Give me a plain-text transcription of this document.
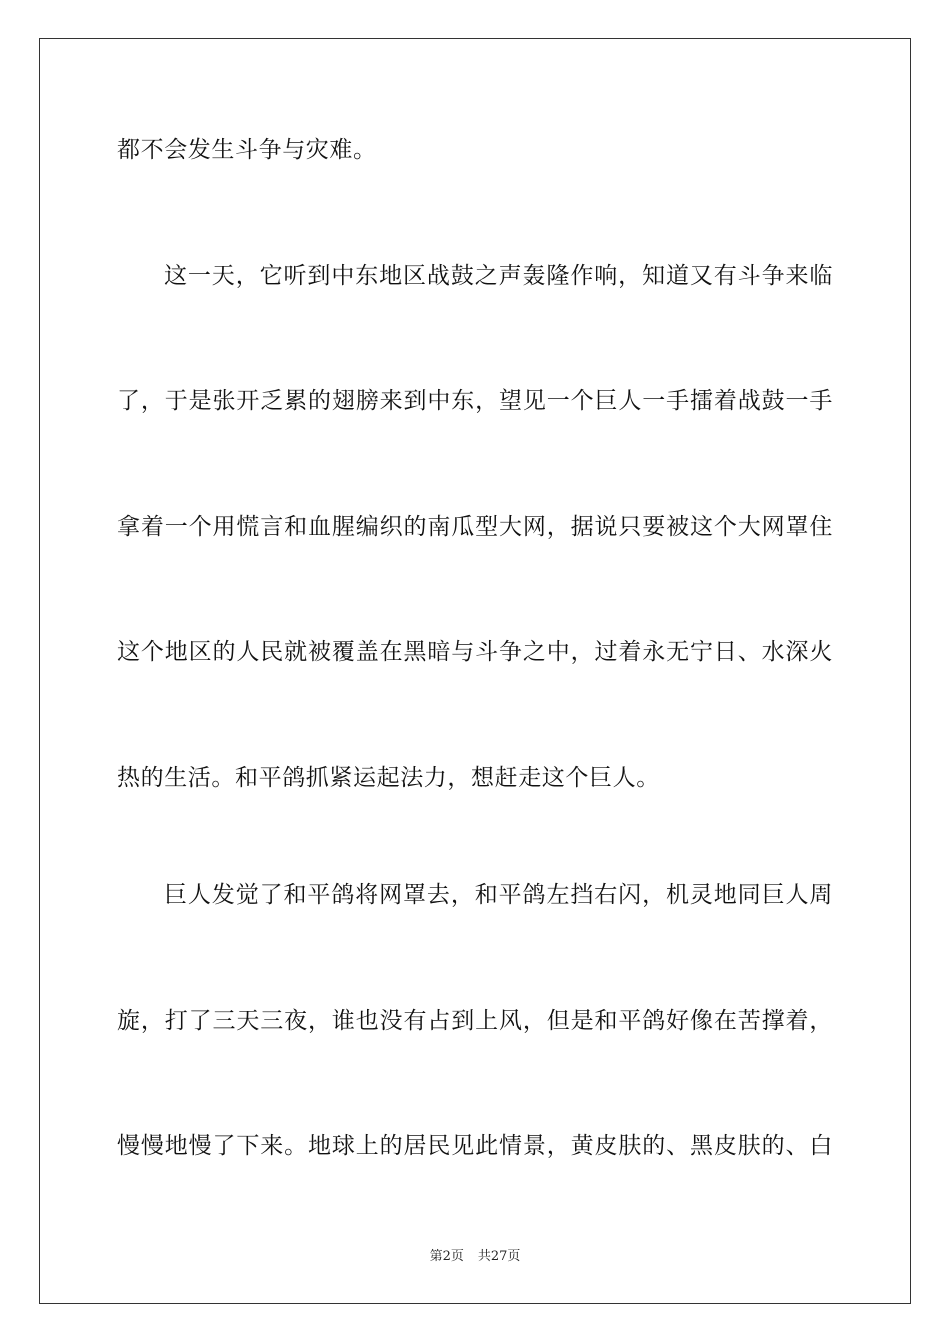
都不会发生斗争与灾难。
这一天，它听到中东地区战鼓之声轰隆作响，知道又有斗争来临
了，于是张开乏累的翅膀来到中东，望见一个巨人一手擂着战鼓一手
拿着一个用慌言和血腥编织的南瓜型大网，据说只要被这个大网罩住
这个地区的人民就被覆盖在黑暗与斗争之中，过着永无宁日、水深火
热的生活。和平鸽抓紧运起法力，想赶走这个巨人。
巨人发觉了和平鸽将网罩去，和平鸽左挡右闪，机灵地同巨人周
旋，打了三天三夜，谁也没有占到上风，但是和平鸽好像在苦撑着，
慢慢地慢了下来。地球上的居民见此情景，黄皮肤的、黑皮肤的、白
第2页 共27页
